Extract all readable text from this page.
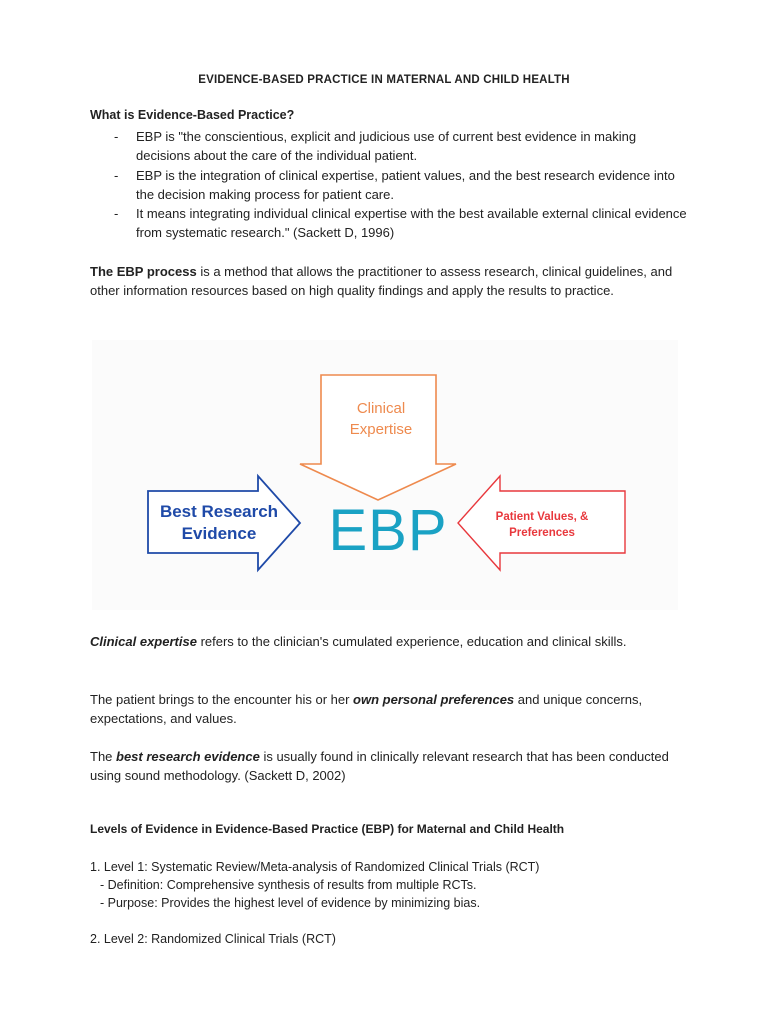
EVIDENCE-BASED PRACTICE IN MATERNAL AND CHILD HEALTH
What is Evidence-Based Practice?
- EBP is "the conscientious, explicit and judicious use of current best evidence in making decisions about the care of the individual patient.
- EBP is the integration of clinical expertise, patient values, and the best research evidence into the decision making process for patient care.
- It means integrating individual clinical expertise with the best available external clinical evidence from systematic research." (Sackett D, 1996)
The EBP process is a method that allows the practitioner to assess research, clinical guidelines, and other information resources based on high quality findings and apply the results to practice.
Clinical
Expertise
Best Research
Evidence
Patient Values, &
Preferences
EBP
Clinical expertise refers to the clinician's cumulated experience, education and clinical skills.
The patient brings to the encounter his or her own personal preferences and unique concerns, expectations, and values.
The best research evidence is usually found in clinically relevant research that has been conducted using sound methodology. (Sackett D, 2002)
Levels of Evidence in Evidence-Based Practice (EBP) for Maternal and Child Health
1. Level 1: Systematic Review/Meta-analysis of Randomized Clinical Trials (RCT)
- Definition: Comprehensive synthesis of results from multiple RCTs.
- Purpose: Provides the highest level of evidence by minimizing bias.
2. Level 2: Randomized Clinical Trials (RCT)
